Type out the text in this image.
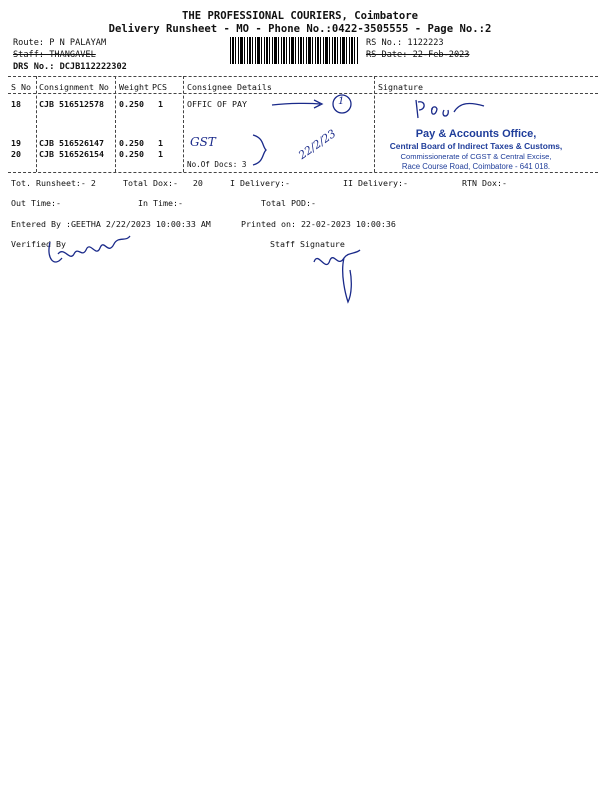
THE PROFESSIONAL COURIERS, Coimbatore
Delivery Runsheet - MO - Phone No.:0422-3505555 - Page No.:2
Route: P N PALAYAM
Staff: THANGAVEL
DRS No.: DCJB112222302
RS No.: 1122223
RS Date: 22-Feb-2023
S No Consignment No Weight PCS Consignee Details	Signature
18 CJB 516512578 0.250 1	OFFIC OF PAY
19 CJB 516526147 0.250 1
20 CJB 516526154 0.250 1
No.Of Docs: 3
1
GST	22/2/23	Pay & Accounts Office,
Central Board of Indirect Taxes & Customs,
Commissionerate of CGST & Central Excise,
Race Course Road, Coimbatore - 641 018.
Tot. Runsheet:- 2	Total Dox:-   20	I Delivery:-	II Delivery:-	RTN Dox:-
Out Time:-	In Time:-	Total POD:-
Entered By :GEETHA 2/22/2023 10:00:33 AM	Printed on: 22-02-2023 10:00:36
Verified By	Staff Signature
